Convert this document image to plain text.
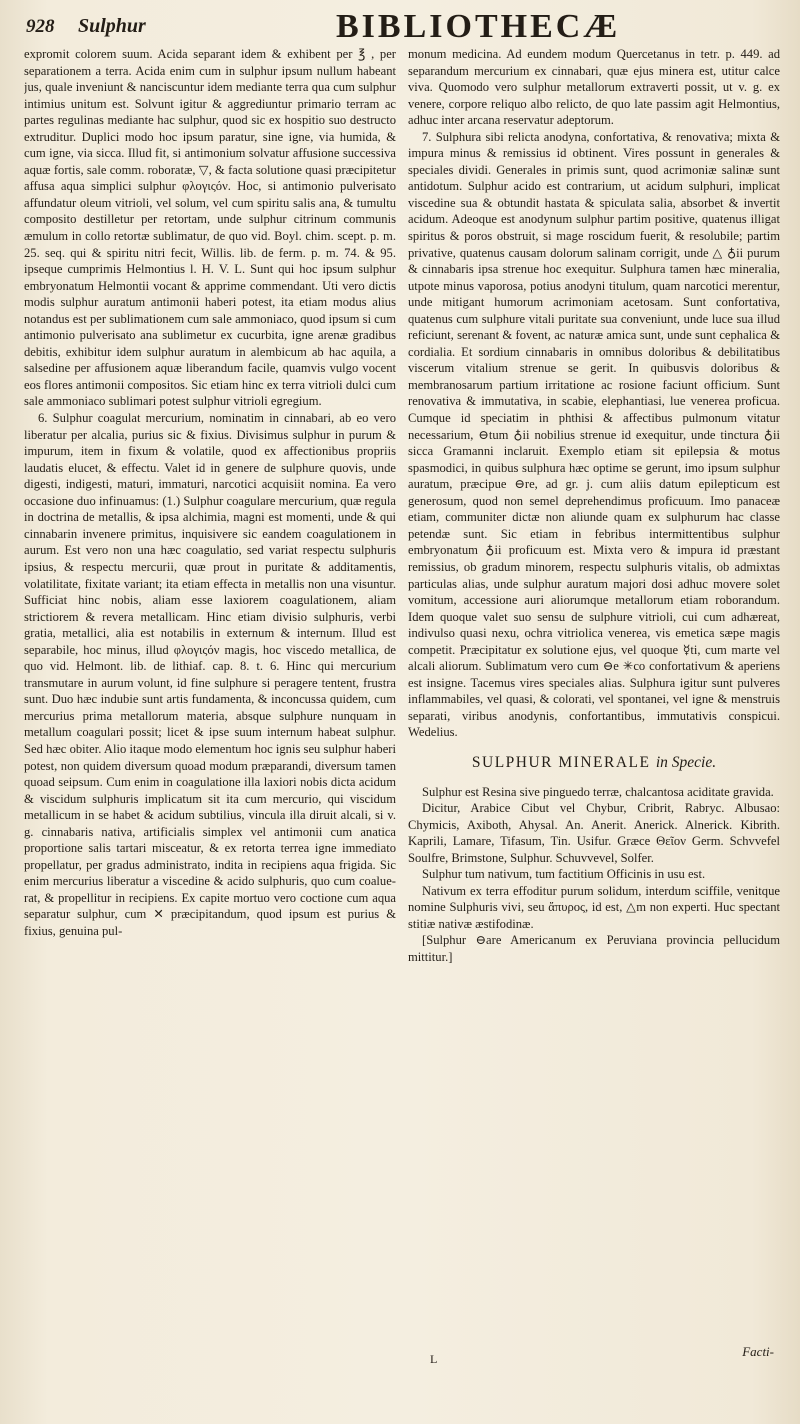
928 Sulphur	BIBLIOTHECÆ

expromit colorem suum. Acida separant idem & exhibent per ℥ , per separationem a terra. Acida enim cum in sulphur ipsum nullum habeant jus, quale inveniunt & nanciscuntur idem mediante terra qua cum sulphur intimius unitum est. Solvunt igitur & aggrediuntur primario terram ac partes regulinas mediante hac sulphur, quod sic ex hospitio suo destructo extruditur. Duplici modo hoc ipsum paratur, sine igne, via humida, & cum igne, via sicca. Illud fit, si antimonium solvatur affusione successiva aquæ fortis, sale comm. roboratæ, ▽, & facta solutione quasi præcipitetur affusa aqua simplici sulphur φλογιςόν. Hoc, si antimonio pulverisato affundatur oleum vitrioli, vel solum, vel cum spiritu salis ana, & tumultu composito destilletur per retortam, unde sulphur citrinum communis æmulum in collo retortæ sublimatur, de quo vid. Boyl. chim. scept. p. m. 25. seq. qui & spiritu nitri fecit, Willis. lib. de ferm. p. m. 74. & 95. ipseque cumprimis Helmontius l. H. V. L. Sunt qui hoc ipsum sulphur embryonatum Helmontii vocant & apprime commendant. Uti vero dictis modis sulphur auratum antimonii haberi potest, ita etiam modus alius notandus est per sublimationem cum sale ammoniaco, quod ipsum si cum antimonio pulverisato ana sublimetur ex cucurbita, igne arenæ gradibus debitis, exhibitur idem sulphur auratum in alembicum ab hac aquila, a salsedine per affusionem aquæ liberandum facile, quamvis vulgo vocent eos flores antimonii compositos. Sic etiam hinc ex terra vitrioli dulci cum sale ammoniaco sublimari potest sulphur vitrioli egregium.

6. Sulphur coagulat mercurium, nominatim in cinnabari, ab eo vero liberatur per alcalia, purius sic & fixius. Divisimus sulphur in purum & impurum, item in fixum & volatile, quod ex affectionibus propriis laudatis elucet, & effectu. Valet id in genere de sulphure quovis, unde digesti, indigesti, maturi, immaturi, narcotici acquisiit nomina. Ea vero occasione duo infinuamus: (1.) Sulphur coagulare mercurium, quæ regula in doctrina de metallis, & ipsa alchimia, magni est momenti, unde & qui cinnabarin invenere primitus, inquisivere sic eandem coagulationem in aurum. Est vero non una hæc coagulatio, sed variat respectu sulphuris ipsius, & respectu mercurii, quæ prout in puritate & additamentis, volatilitate, fixitate variant; ita etiam effecta in metallis non una visuntur. Sufficiat hinc nobis, aliam esse laxiorem coagulationem, aliam strictiorem & revera metallicam. Hinc etiam divisio sulphuris, verbi gratia, metallici, alia est notabilis in externum & internum. Illud est separabile, hoc minus, illud φλογιςόν magis, hoc viscedo metallica, de quo vid. Helmont. lib. de lithiaf. cap. 8. t. 6. Hinc qui mercurium transmutare in aurum volunt, id fine sulphure si peragere tentent, frustra sunt. Duo hæc indubie sunt artis fundamenta, & inconcussa quidem, cum mercurius prima metallorum materia, absque sulphure nunquam in metallum coagulari possit; licet & ipse suum internum habeat sulphur. Sed hæc obiter. Alio itaque modo elementum hoc ignis seu sulphur haberi potest, non quidem diversum quoad modum præparandi, diversum tamen quoad seipsum. Cum enim in coagulatione illa laxiori nobis dicta acidum & viscidum sulphuris implicatum sit ita cum mercurio, qui viscidum metallicum in se habet & acidum subtilius, vincula illa diruit alcali, si v. g. cinnabaris nativa, artificialis simplex vel antimonii cum anatica proportione salis tartari misceatur, & ex retorta terrea igne immediato propellatur, per gradus administrato, indita in recipiens aqua frigida. Sic enim mercurius liberatur a viscedine & acido sulphuris, quo cum coalue- rat, & propellitur in recipiens. Ex capite mortuo vero coctione cum aqua separatur sulphur, cum ✕ præcipitandum, quod ipsum est purius & fixius, genuina pul-

monum medicina. Ad eundem modum Quercetanus in tetr. p. 449. ad separandum mercurium ex cinnabari, quæ ejus minera est, utitur calce viva. Quomodo vero sulphur metallorum extraverti possit, ut v. g. ex venere, corpore reliquo albo relicto, de quo late passim agit Helmontius, adhuc inter arcana reservatur adeptorum.

7. Sulphura sibi relicta anodyna, confortativa, & renovativa; mixta & impura minus & remissius id obtinent. Vires possunt in generales & speciales dividi. Generales in primis sunt, quod acrimoniæ salinæ sunt antidotum. Sulphur acido est contrarium, ut acidum sulphuri, implicat viscedine sua & obtundit hastata & spiculata salia, absorbet & invertit acidum. Adeoque est anodynum sulphur partim positive, quatenus illigat spiritus & poros obstruit, si mage roscidum fuerit, & resolubile; partim privative, quatenus causam dolorum salinam corrigit, unde △ ♁ii purum & cinnabaris ipsa strenue hoc exequitur. Sulphura tamen hæc mineralia, utpote minus vaporosa, potius anodyni titulum, quam narcotici merentur, unde mitigant humorum acrimoniam acetosam. Sunt confortativa, quatenus cum sulphure vitali puritate sua conveniunt, unde luce sua illud reficiunt, serenant & fovent, ac naturæ amica sunt, unde sunt cephalica & cordialia. Et sordium cinnabaris in omnibus doloribus & debilitatibus viscerum vitalium strenue se gerit. In quibusvis doloribus & membranosarum partium irritatione ac rosione faciunt officium. Sunt renovativa & immutativa, in scabie, elephantiasi, lue venerea proficua. Cumque id speciatim in phthisi & affectibus pulmonum vitatur necessarium, ⊖tum ♁ii nobilius strenue id exequitur, unde tinctura ♁ii sicca Gramanni inclaruit. Exemplo etiam sit epilepsia & motus spasmodici, in quibus sulphura hæc optime se gerunt, imo ipsum sulphur auratum, præcipue ⊖re, ad gr. j. cum aliis datum epilepticum est generosum, quod non semel deprehendimus proficuum. Imo panaceæ etiam, communiter dictæ non aliunde quam ex sulphurum hac classe petendæ sunt. Sic etiam in febribus intermittentibus sulphur embryonatum ♁ii proficuum est. Mixta vero & impura id præstant remissius, ob gradum minorem, respectu sulphuris vitalis, ob admixtas particulas alias, unde sulphur auratum majori dosi adhuc movere solet vomitum, accessione auri aliorumque metallorum etiam roborandum. Idem quoque valet suo sensu de sulphure vitrioli, cui cum adhæreat, indivulso quasi nexu, ochra vitriolica venerea, vis emetica sæpe magis competit. Præcipitatur ex solutione ejus, vel quoque ☿ti, cum marte vel alcali aliorum. Sublimatum vero cum ⊖e ✳co confortativum & aperiens est insigne. Tacemus vires speciales alias. Sulphura igitur sunt pulveres inflammabiles, vel quasi, & colorati, vel spontanei, vel igne & menstruis separati, viribus anodynis, confortantibus, immutativis conspicui. Wedelius.

SULPHUR MINERALE in Specie.

Sulphur est Resina sive pinguedo terræ, chalcantosa aciditate gravida.

Dicitur, Arabice Cibut vel Chybur, Cribrit, Rabryc. Albusao: Chymicis, Axiboth, Ahysal. An. Anerit. Anerick. Alnerick. Kibrith. Kaprili, Lamare, Tifasum, Tin. Usifur. Græce Θεῖον Germ. Schvvefel Soulfre, Brimstone, Sulphur. Schuvvevel, Solfer.

Sulphur tum nativum, tum factitium Officinis in usu est.

Nativum ex terra effoditur purum solidum, interdum sciffile, venitque nomine Sulphuris vivi, seu ἄπυρος, id est, △m non experti. Huc spectant stitiæ nativæ æstifodinæ.

[Sulphur ⊖are Americanum ex Peruviana provincia pellucidum mittitur.]

L	Facti-
